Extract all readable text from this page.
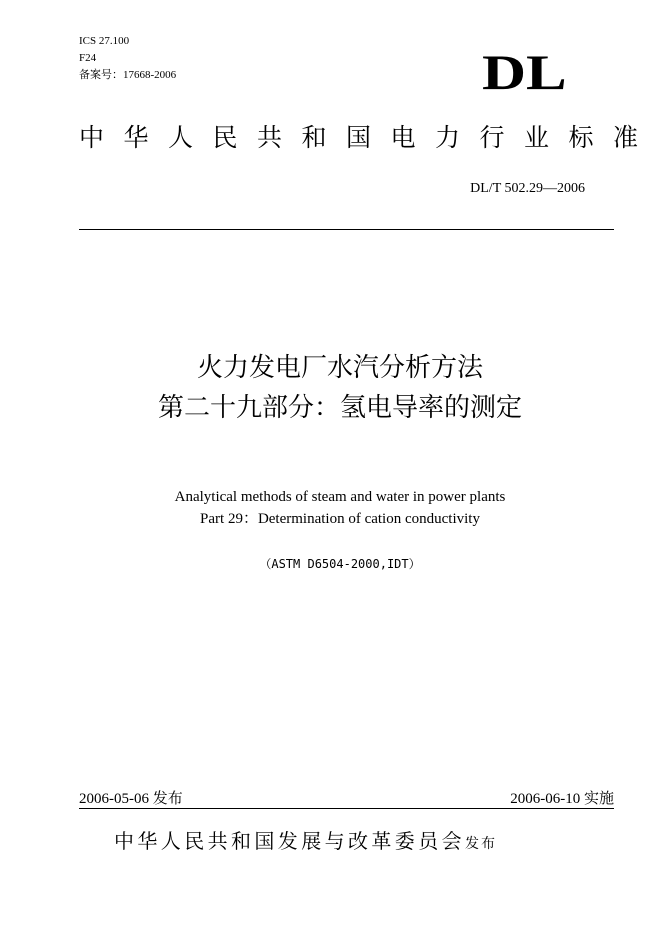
ICS 27.100
F24
备案号：17668-2006	DL
中华人民共和国电力行业标准
DL/T 502.29—2006
火力发电厂水汽分析方法
第二十九部分：氢电导率的测定
Analytical methods of steam and water in power plants
Part 29：Determination of cation conductivity
（ASTM D6504-2000,IDT）
2006-05-06 发布	2006-06-10 实施
中华人民共和国发展与改革委员会发布
